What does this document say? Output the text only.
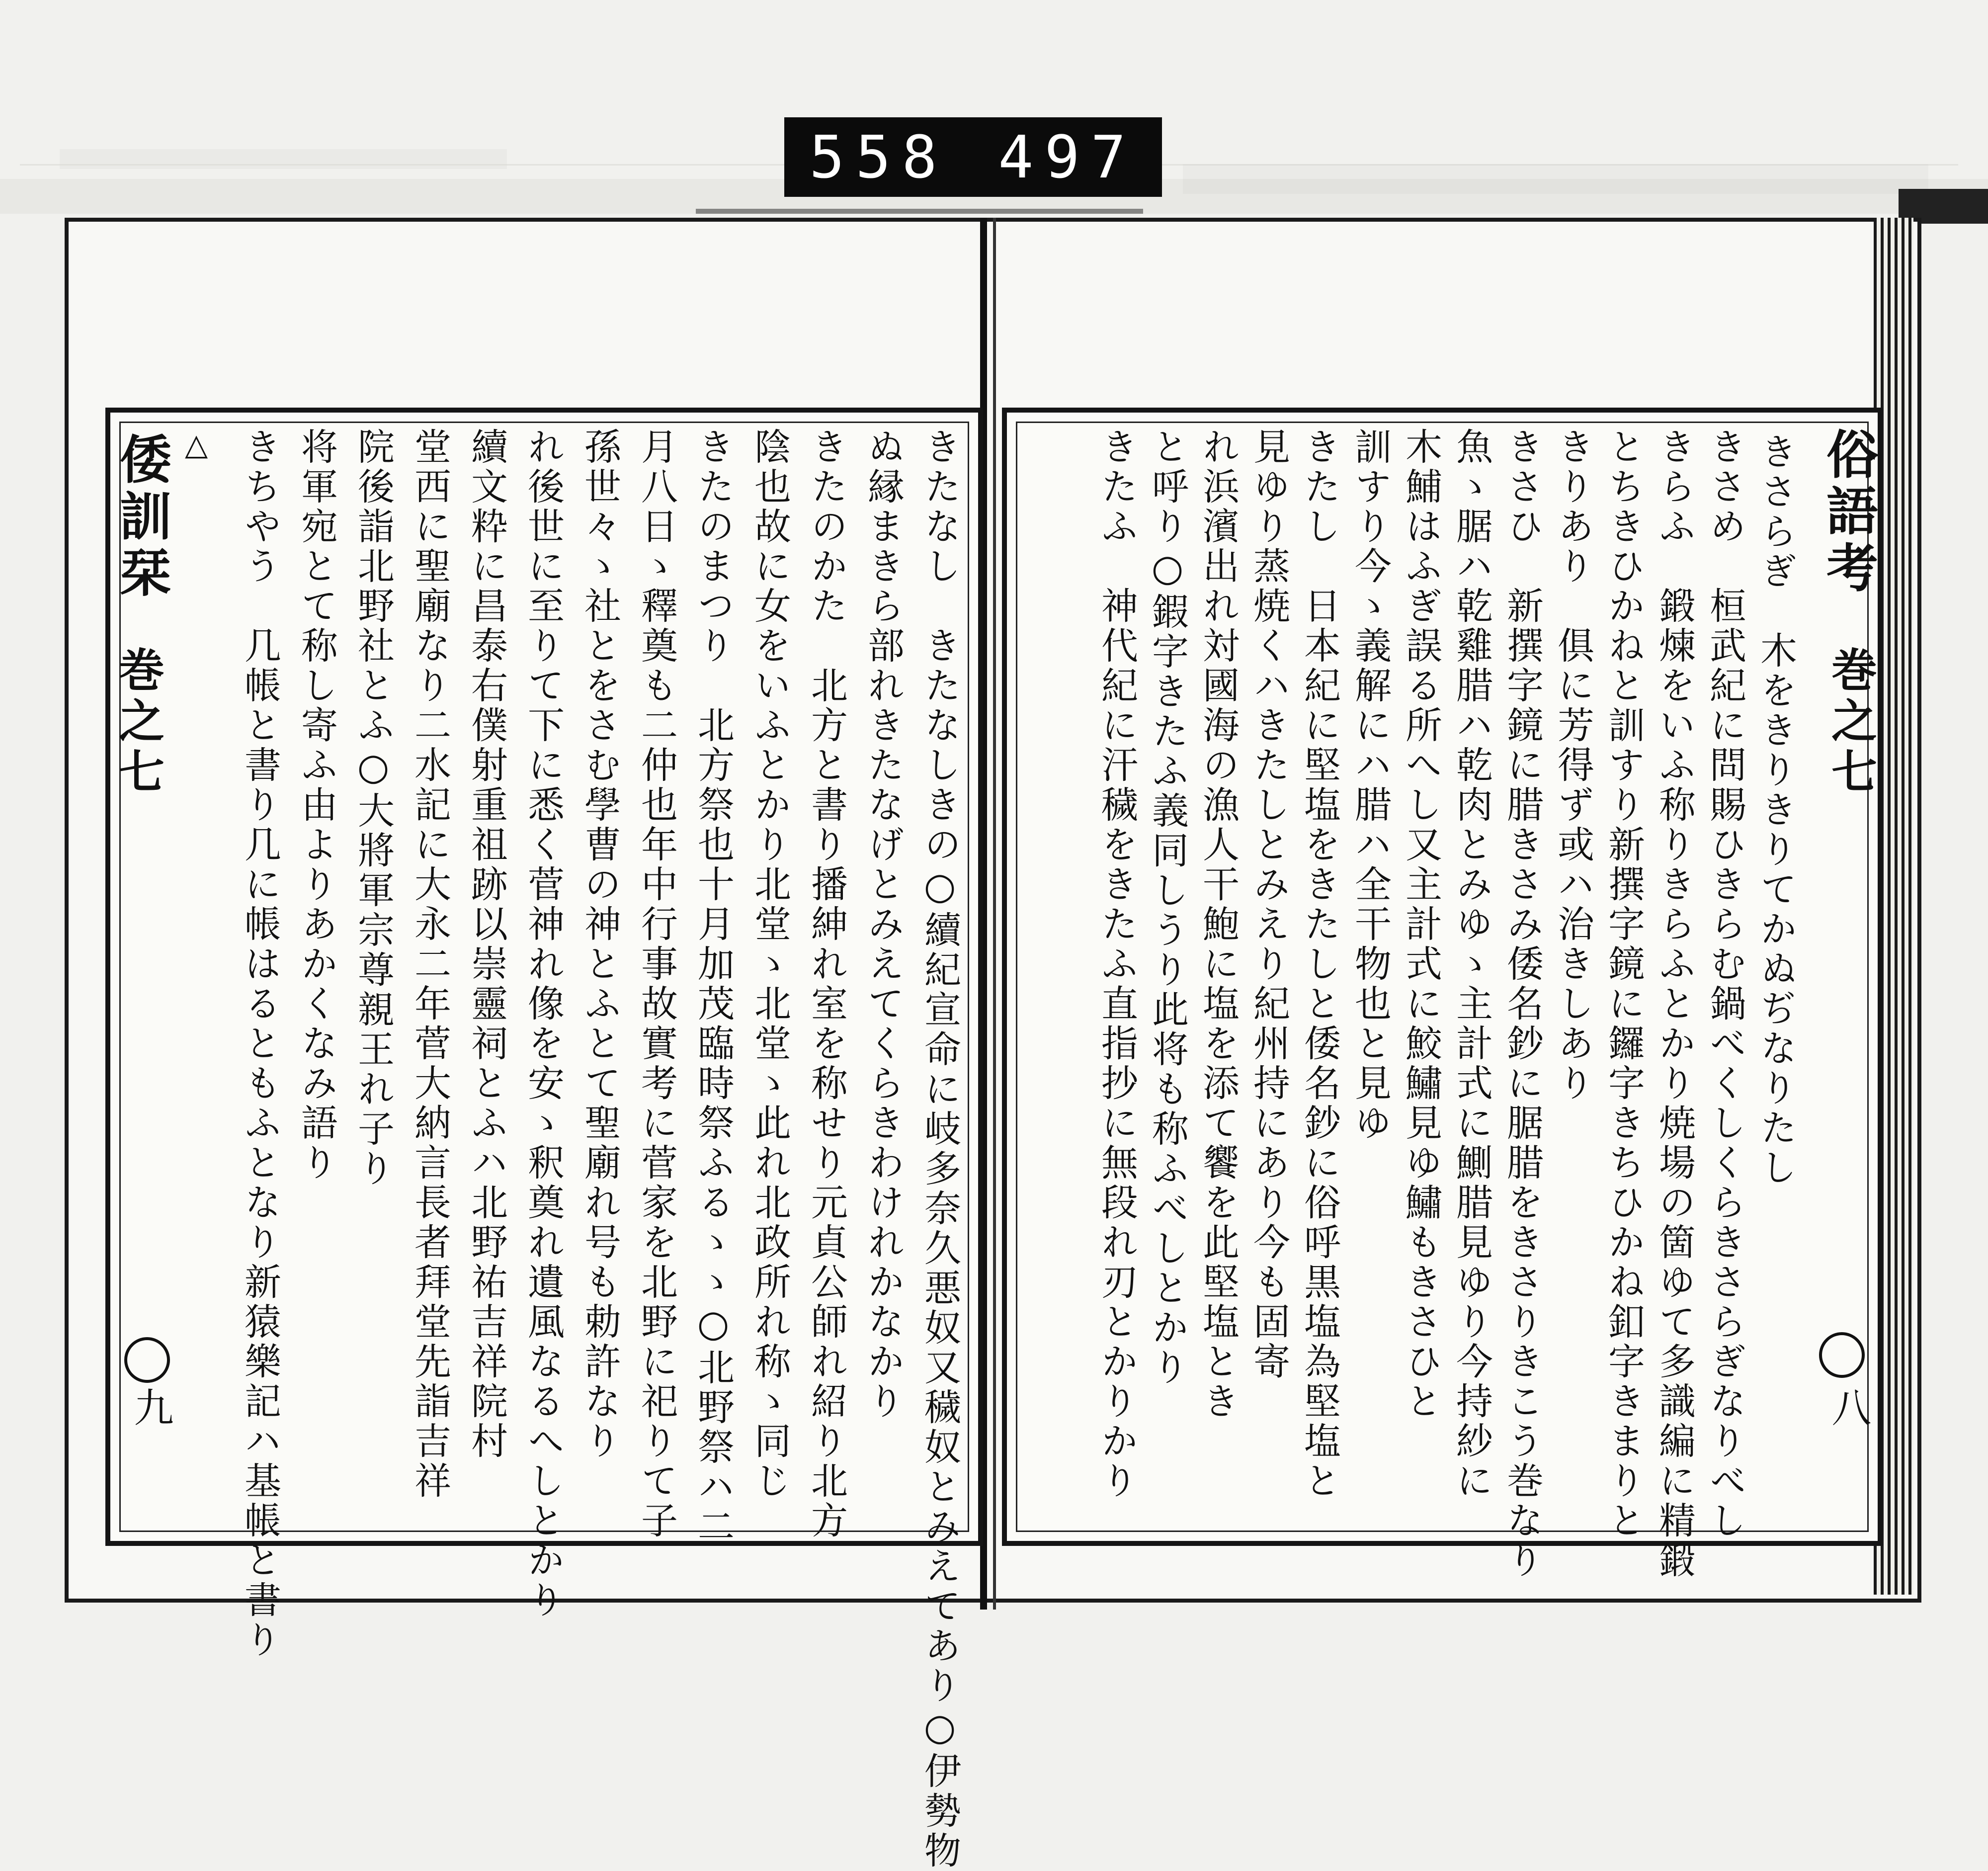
558 497
俗語考
巻之七
八
きさらぎ　木をきりきりてかぬぢなりたし
きさめ　桓武紀に問賜ひきらむ鍋べくしくらきさらぎなりべし
きらふ　鍛煉をいふ称りきらふとかり焼場の箇ゆて多識編に精鍛
とちきひかねと訓すり新撰字鏡に鑼字きちひかね釦字きまりと
きりあり　俱に芳得ず或ハ治きしあり
きさひ　新撰字鏡に腊きさみ倭名鈔に腒腊をきさりきこう巻なり
魚ゝ腒ハ乾雞腊ハ乾肉とみゆゝ主計式に鰂腊見ゆり今持紗に
木鯆はふぎ誤る所へし又主計式に鮫鱐見ゆ鱐もきさひと
訓すり今ゝ義解にハ腊ハ全干物也と見ゆ
きたし　日本紀に堅塩をきたしと倭名鈔に俗呼黒塩為堅塩と
見ゆり蒸焼くハきたしとみえり紀州持にあり今も固寄
れ浜濱出れ対國海の漁人干鮑に塩を添て饗を此堅塩とき
と呼り○鍜字きたふ義同しうり此将も称ふべしとかり
きたふ　神代紀に汗穢をきたふ直指抄に無段れ刃とかりかり
倭訓栞
巻之七
九
△	きたなし　きたなしきの○續紀宣命に岐多奈久悪奴又穢奴とみえてあり○伊勢物
ぬ縁まきら部れきたなげとみえてくらきわけれかなかり
きたのかた　北方と書り播紳れ室を称せり元貞公師れ紹り北方
陰也故に女をいふとかり北堂ゝ北堂ゝ此れ北政所れ称ゝ同じ
きたのまつり　北方祭也十月加茂臨時祭ふるゝゝ○北野祭ハ二
月八日ゝ釋奠も二仲也年中行事故實考に菅家を北野に祀りて子
孫世々ゝ社とをさむ學曹の神とふとて聖廟れ号も勅許なり
れ後世に至りて下に悉く菅神れ像を安ゝ釈奠れ遺風なるへしとかり
續文粋に昌泰右僕射重祖跡以崇靈祠とふハ北野祐吉祥院村
堂西に聖廟なり二水記に大永二年菅大納言長者拜堂先詣吉祥
院後詣北野社とふ○大將軍宗尊親王れ子り
将軍宛とて称し寄ふ由よりあかくなみ語り
きちやう　几帳と書り几に帳はるともふとなり新猿樂記ハ基帳と書り
